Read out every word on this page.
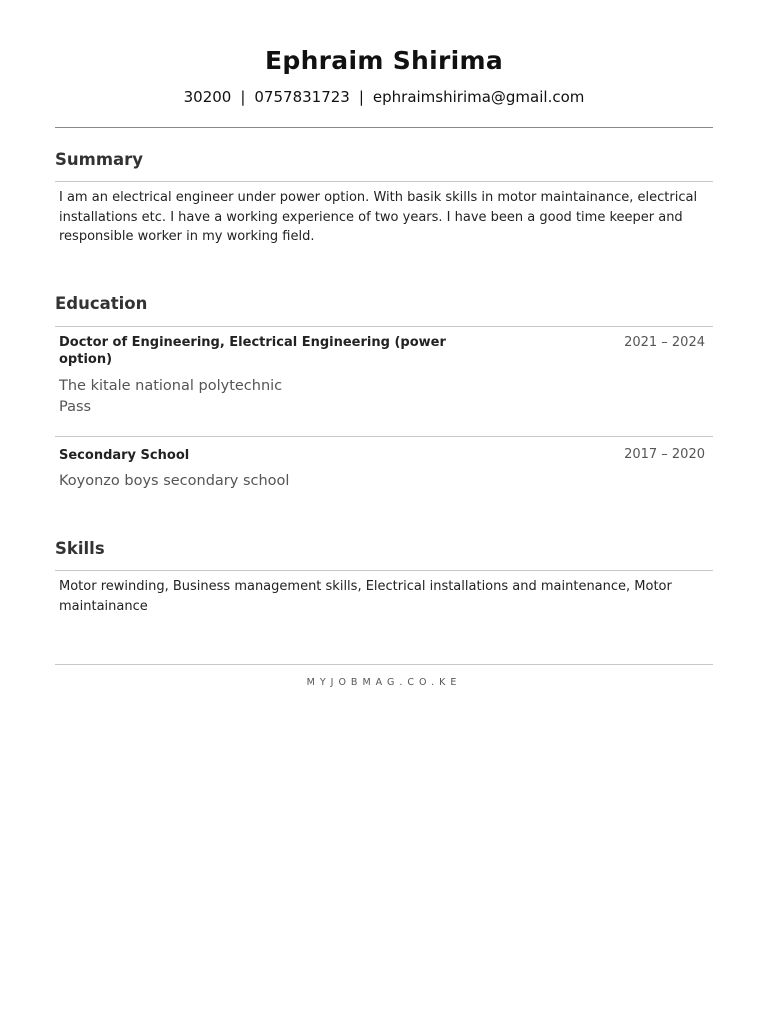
Ephraim Shirima
30200 | 0757831723 | ephraimshirima@gmail.com
Summary
I am an electrical engineer under power option. With basik skills in motor maintainance, electrical installations etc. I have a working experience of two years. I have been a good time keeper and responsible worker in my working field.
Education
Doctor of Engineering, Electrical Engineering (power option)
2021 – 2024
The kitale national polytechnic
Pass
Secondary School	2017 – 2020
Koyonzo boys secondary school
Skills
Motor rewinding, Business management skills, Electrical installations and maintenance, Motor maintainance
MYJOBMAG.CO.KE
